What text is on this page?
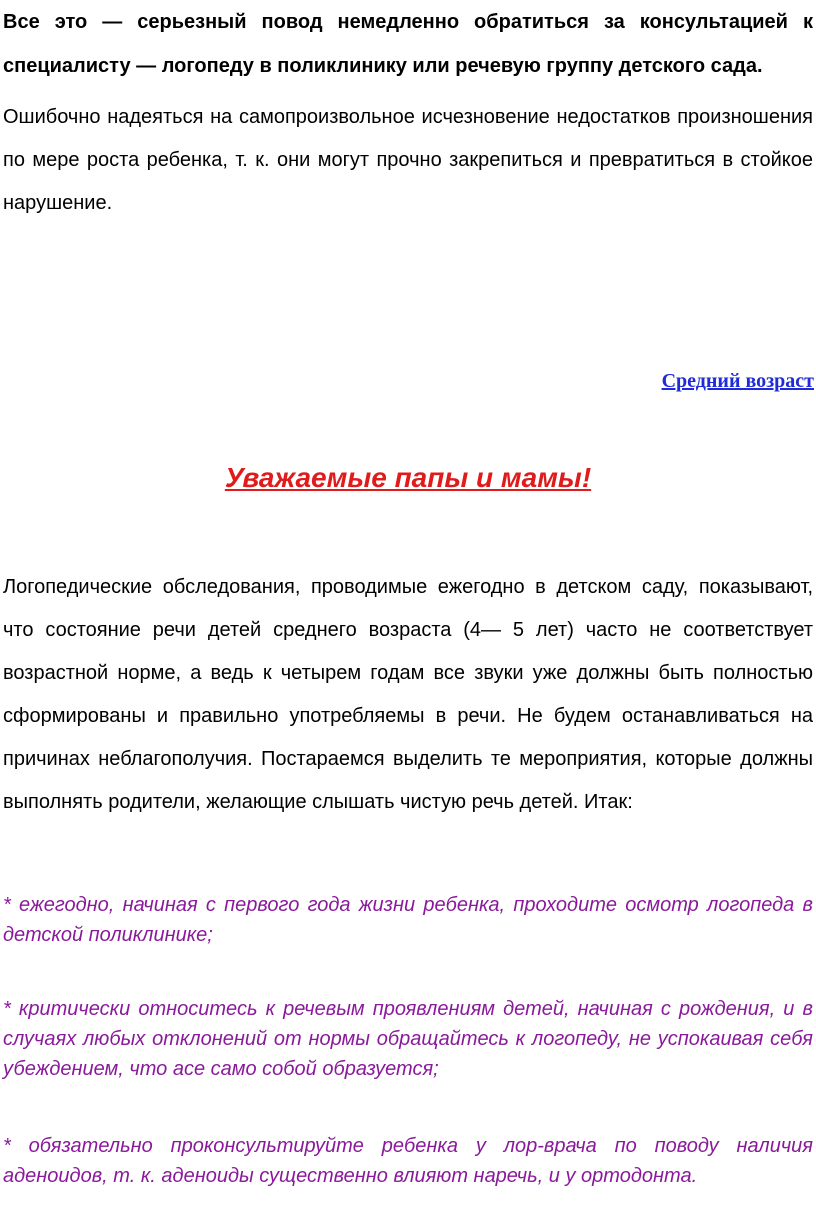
Все это — серьезный повод немедленно обратиться за консультацией к специалисту — логопеду в поликлинику или речевую группу детского сада.

Ошибочно надеяться на самопроизвольное исчезновение недостатков произношения по мере роста ребенка, т. к. они могут прочно закрепиться и превратиться в стойкое нарушение.

Средний возраст

Уважаемые папы и мамы!

Логопедические обследования, проводимые ежегодно в детском саду, показывают, что состояние речи детей среднего возраста (4— 5 лет) часто не соответствует возрастной норме, а ведь к четырем годам все звуки уже должны быть полностью сформированы и правильно употребляемы в речи. Не будем останавливаться на причинах неблагополучия. Постараемся выделить те мероприятия, которые должны выполнять родители, желающие слышать чистую речь детей. Итак:

* ежегодно, начиная с первого года жизни ребенка, проходите осмотр логопеда в детской поликлинике;

* критически относитесь к речевым проявлениям детей, начиная с рождения, и в случаях любых отклонений от нормы обращайтесь к логопеду, не успокаивая себя убеждением, что асе само собой образуется;

* обязательно проконсультируйте ребенка у лор-врача по поводу наличия аденоидов, т. к. аденоиды существенно влияют наречь, и у ортодонта.
